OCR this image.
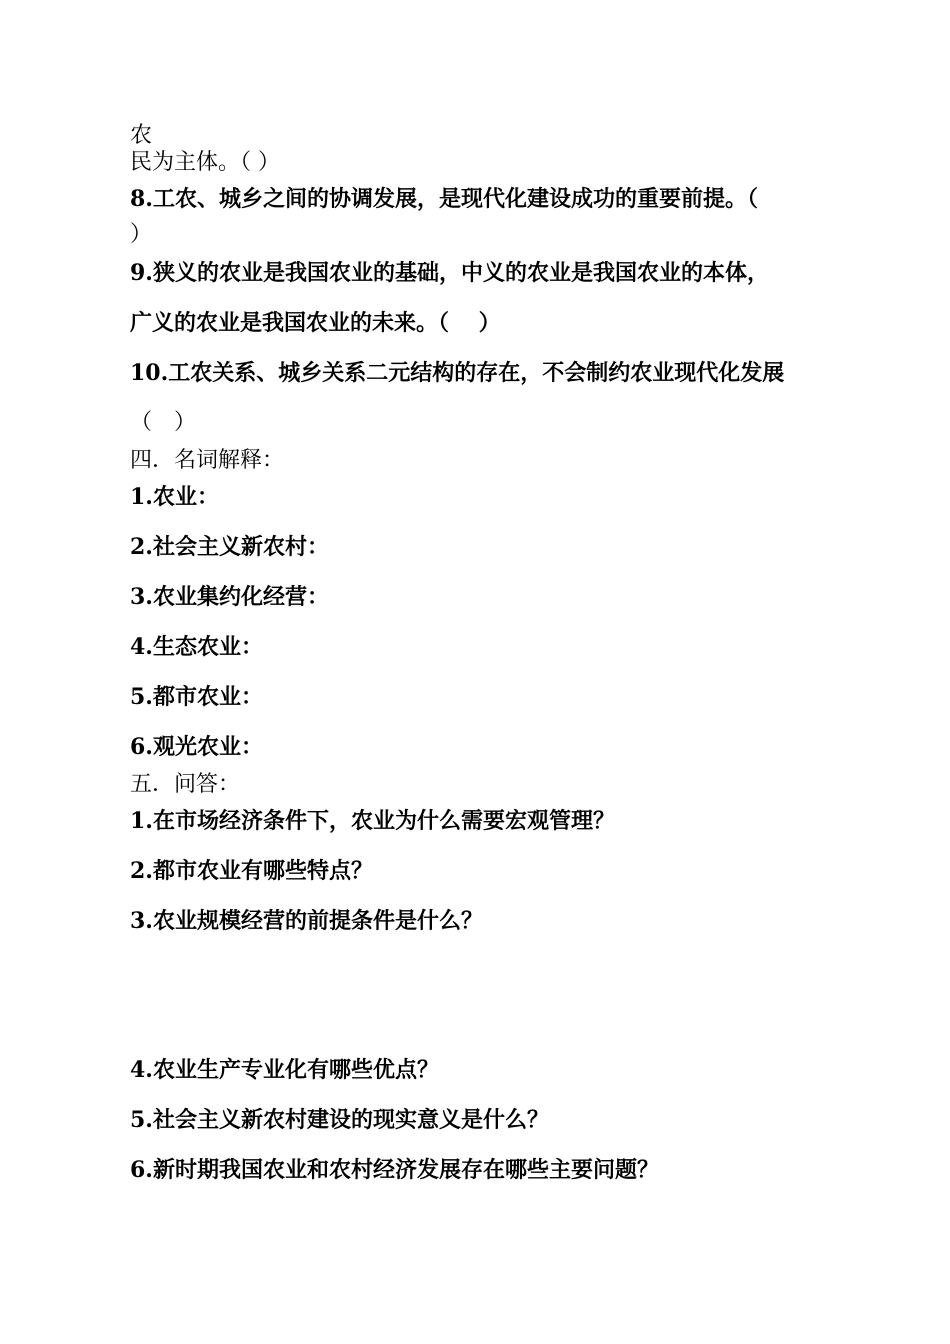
农
民为主体。（ ）
8.工农、城乡之间的协调发展，是现代化建设成功的重要前提。（
）
9.狭义的农业是我国农业的基础，中义的农业是我国农业的本体，
广义的农业是我国农业的未来。（　 ）
10.工农关系、城乡关系二元结构的存在，不会制约农业现代化发展
（　）
四．名词解释：
1.农业：
2.社会主义新农村：
3.农业集约化经营：
4.生态农业：
5.都市农业：
6.观光农业：
五．问答：
1.在市场经济条件下，农业为什么需要宏观管理？
2.都市农业有哪些特点？
3.农业规模经营的前提条件是什么？
4.农业生产专业化有哪些优点？
5.社会主义新农村建设的现实意义是什么？
6.新时期我国农业和农村经济发展存在哪些主要问题？
